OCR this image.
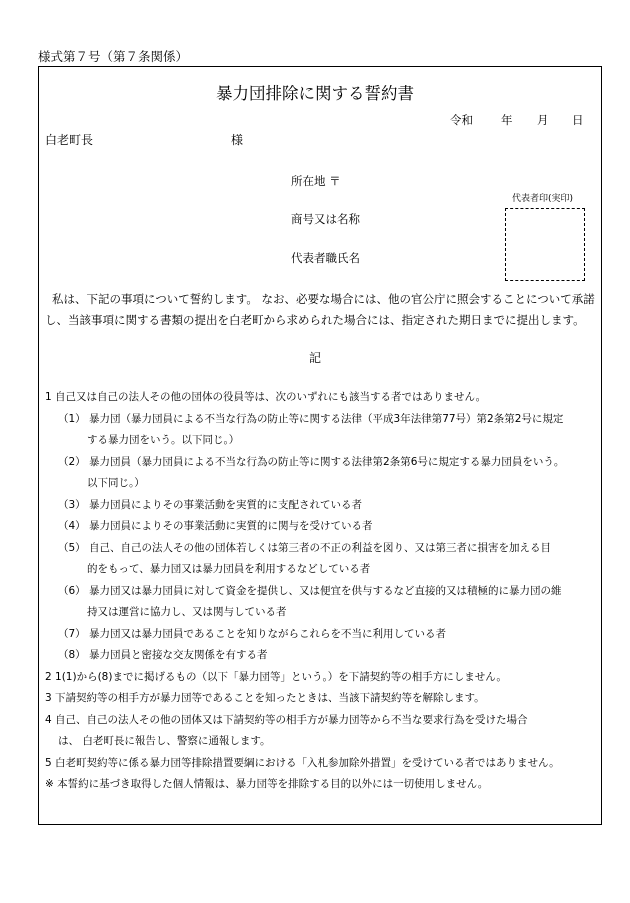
様式第７号（第７条関係）
暴力団排除に関する誓約書
令和 年 月 日
白老町長	様
所在地 〒
商号又は名称
代表者職氏名
代表者印(実印)
私は、下記の事項について誓約します。 なお、必要な場合には、他の官公庁に照会することについて承諾
し、当該事項に関する書類の提出を白老町から求められた場合には、指定された期日までに提出します。
記
1 自己又は自己の法人その他の団体の役員等は、次のいずれにも該当する者ではありません。
（1） 暴力団（暴力団員による不当な行為の防止等に関する法律（平成3年法律第77号）第2条第2号に規定
する暴力団をいう。以下同じ。）
（2） 暴力団員（暴力団員による不当な行為の防止等に関する法律第2条第6号に規定する暴力団員をいう。
以下同じ。）
（3） 暴力団員によりその事業活動を実質的に支配されている者
（4） 暴力団員によりその事業活動に実質的に関与を受けている者
（5） 自己、自己の法人その他の団体若しくは第三者の不正の利益を図り、又は第三者に損害を加える目
的をもって、暴力団又は暴力団員を利用するなどしている者
（6） 暴力団又は暴力団員に対して資金を提供し、又は便宜を供与するなど直接的又は積極的に暴力団の維
持又は運営に協力し、又は関与している者
（7） 暴力団又は暴力団員であることを知りながらこれらを不当に利用している者
（8） 暴力団員と密接な交友関係を有する者
2 1(1)から(8)までに掲げるもの（以下「暴力団等」という。）を下請契約等の相手方にしません。
3 下請契約等の相手方が暴力団等であることを知ったときは、当該下請契約等を解除します。
4 自己、自己の法人その他の団体又は下請契約等の相手方が暴力団等から不当な要求行為を受けた場合
は、 白老町長に報告し、警察に通報します。
5 白老町契約等に係る暴力団等排除措置要綱における「入札参加除外措置」を受けている者ではありません。
※ 本誓約に基づき取得した個人情報は、暴力団等を排除する目的以外には一切使用しません。
